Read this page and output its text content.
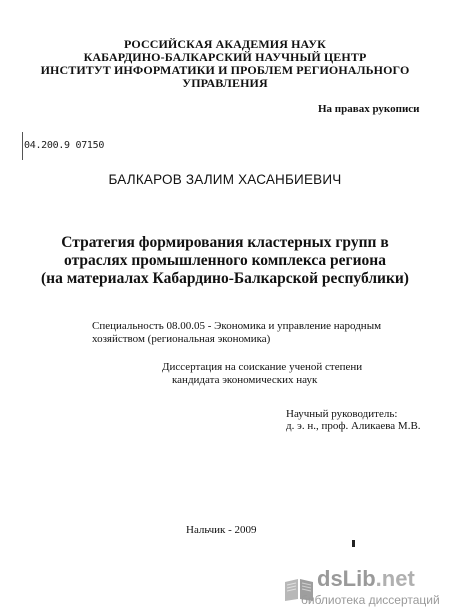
РОССИЙСКАЯ АКАДЕМИЯ НАУК
КАБАРДИНО-БАЛКАРСКИЙ НАУЧНЫЙ ЦЕНТР
ИНСТИТУТ ИНФОРМАТИКИ И ПРОБЛЕМ РЕГИОНАЛЬНОГО
УПРАВЛЕНИЯ
На правах рукописи
04.200.9 07150
БАЛКАРОВ ЗАЛИМ ХАСАНБИЕВИЧ
Стратегия формирования кластерных групп в
отраслях промышленного комплекса региона
(на материалах Кабардино-Балкарской республики)
Специальность 08.00.05 - Экономика и управление народным
хозяйством (региональная экономика)
Диссертация на соискание ученой степени
кандидата экономических наук
Научный руководитель:
д. э. н., проф. Аликаева М.В.
Нальчик - 2009
dsLib.net
библиотека диссертаций
